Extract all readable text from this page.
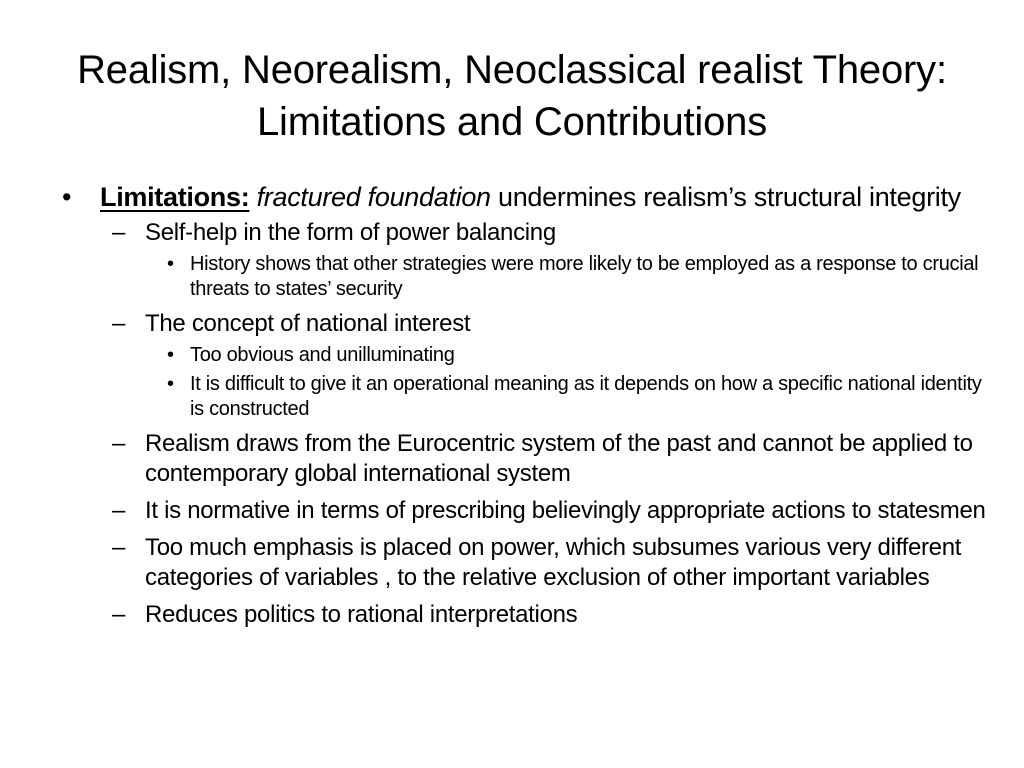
Realism, Neorealism, Neoclassical realist Theory:
Limitations and Contributions
• Limitations: fractured foundation undermines realism’s structural integrity
– Self-help in the form of power balancing
• History shows that other strategies were more likely to be employed as a response to crucial threats to states’ security
– The concept of national interest
• Too obvious and unilluminating
• It is difficult to give it an operational meaning as it depends on how a specific national identity is constructed
– Realism draws from the Eurocentric system of the past and cannot be applied to contemporary global international system
– It is normative in terms of prescribing believingly appropriate actions to statesmen
– Too much emphasis is placed on power, which subsumes various very different categories of variables , to the relative exclusion of other important variables
– Reduces politics to rational interpretations
